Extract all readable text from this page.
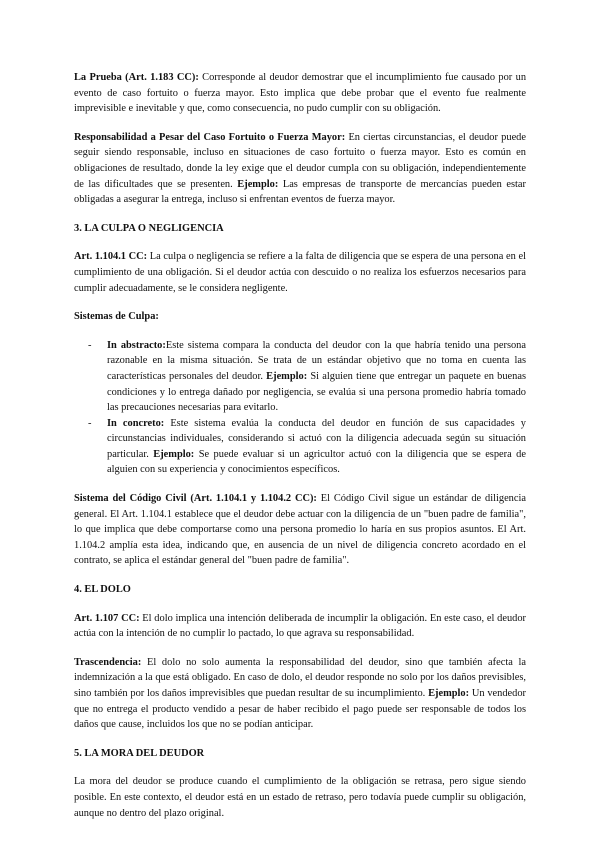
La Prueba (Art. 1.183 CC): Corresponde al deudor demostrar que el incumplimiento fue causado por un evento de caso fortuito o fuerza mayor. Esto implica que debe probar que el evento fue realmente imprevisible e inevitable y que, como consecuencia, no pudo cumplir con su obligación.

Responsabilidad a Pesar del Caso Fortuito o Fuerza Mayor: En ciertas circunstancias, el deudor puede seguir siendo responsable, incluso en situaciones de caso fortuito o fuerza mayor. Esto es común en obligaciones de resultado, donde la ley exige que el deudor cumpla con su obligación, independientemente de las dificultades que se presenten. Ejemplo: Las empresas de transporte de mercancías pueden estar obligadas a asegurar la entrega, incluso si enfrentan eventos de fuerza mayor.

3. LA CULPA O NEGLIGENCIA

Art. 1.104.1 CC: La culpa o negligencia se refiere a la falta de diligencia que se espera de una persona en el cumplimiento de una obligación. Si el deudor actúa con descuido o no realiza los esfuerzos necesarios para cumplir adecuadamente, se le considera negligente.

Sistemas de Culpa:
- In abstracto:Este sistema compara la conducta del deudor con la que habría tenido una persona razonable en la misma situación. Se trata de un estándar objetivo que no toma en cuenta las características personales del deudor. Ejemplo: Si alguien tiene que entregar un paquete en buenas condiciones y lo entrega dañado por negligencia, se evalúa si una persona promedio habría tomado las precauciones necesarias para evitarlo.
- In concreto: Este sistema evalúa la conducta del deudor en función de sus capacidades y circunstancias individuales, considerando si actuó con la diligencia adecuada según su situación particular. Ejemplo: Se puede evaluar si un agricultor actuó con la diligencia que se espera de alguien con su experiencia y conocimientos específicos.

Sistema del Código Civil (Art. 1.104.1 y 1.104.2 CC): El Código Civil sigue un estándar de diligencia general. El Art. 1.104.1 establece que el deudor debe actuar con la diligencia de un "buen padre de familia", lo que implica que debe comportarse como una persona promedio lo haría en sus propios asuntos. El Art. 1.104.2 amplía esta idea, indicando que, en ausencia de un nivel de diligencia concreto acordado en el contrato, se aplica el estándar general del "buen padre de familia".

4. EL DOLO

Art. 1.107 CC: El dolo implica una intención deliberada de incumplir la obligación. En este caso, el deudor actúa con la intención de no cumplir lo pactado, lo que agrava su responsabilidad.

Trascendencia: El dolo no solo aumenta la responsabilidad del deudor, sino que también afecta la indemnización a la que está obligado. En caso de dolo, el deudor responde no solo por los daños previsibles, sino también por los daños imprevisibles que puedan resultar de su incumplimiento. Ejemplo: Un vendedor que no entrega el producto vendido a pesar de haber recibido el pago puede ser responsable de todos los daños que cause, incluidos los que no se podían anticipar.

5. LA MORA DEL DEUDOR

La mora del deudor se produce cuando el cumplimiento de la obligación se retrasa, pero sigue siendo posible. En este contexto, el deudor está en un estado de retraso, pero todavía puede cumplir su obligación, aunque no dentro del plazo original.
